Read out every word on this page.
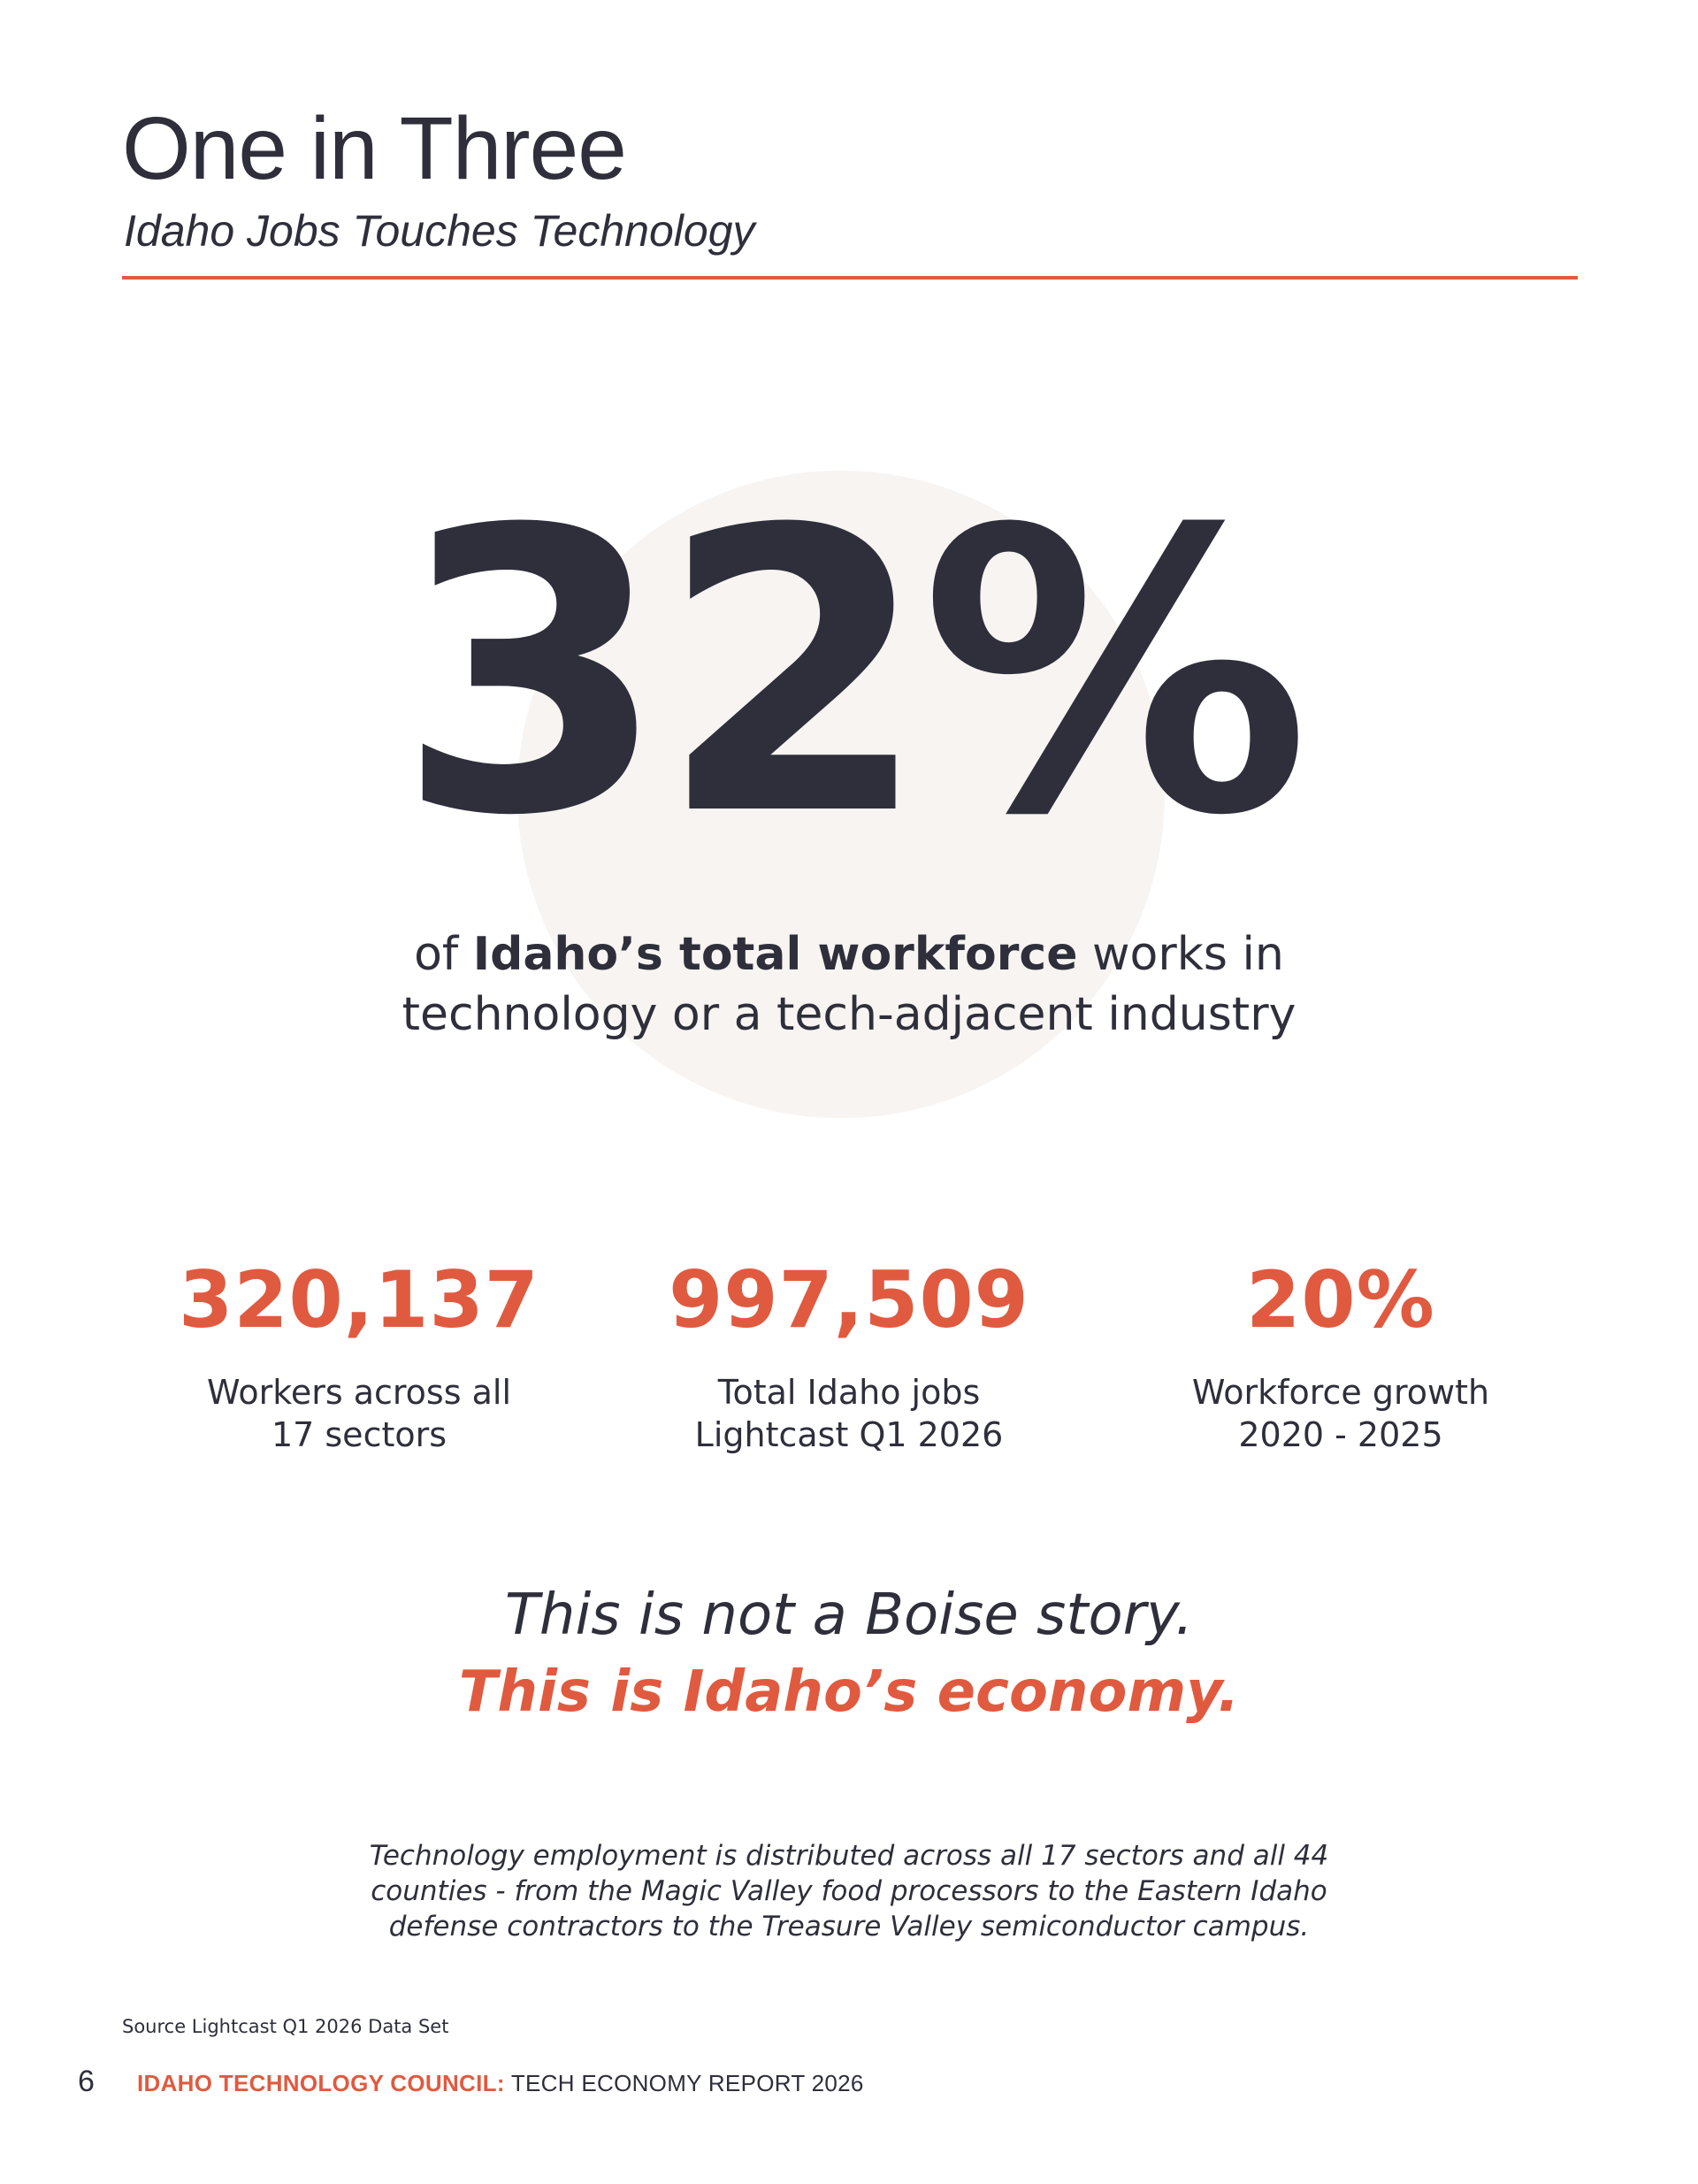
One in Three
Idaho Jobs Touches Technology
32%
of Idaho’s total workforce works in
technology or a tech-adjacent industry
320,137
Workers across all
17 sectors
997,509
Total Idaho jobs
Lightcast Q1 2026
20%
Workforce growth
2020 - 2025
This is not a Boise story.
This is Idaho’s economy.
Technology employment is distributed across all 17 sectors and all 44 counties - from the Magic Valley food processors to the Eastern Idaho defense contractors to the Treasure Valley semiconductor campus.
Source Lightcast Q1 2026 Data Set
6 IDAHO TECHNOLOGY COUNCIL: TECH ECONOMY REPORT 2026
